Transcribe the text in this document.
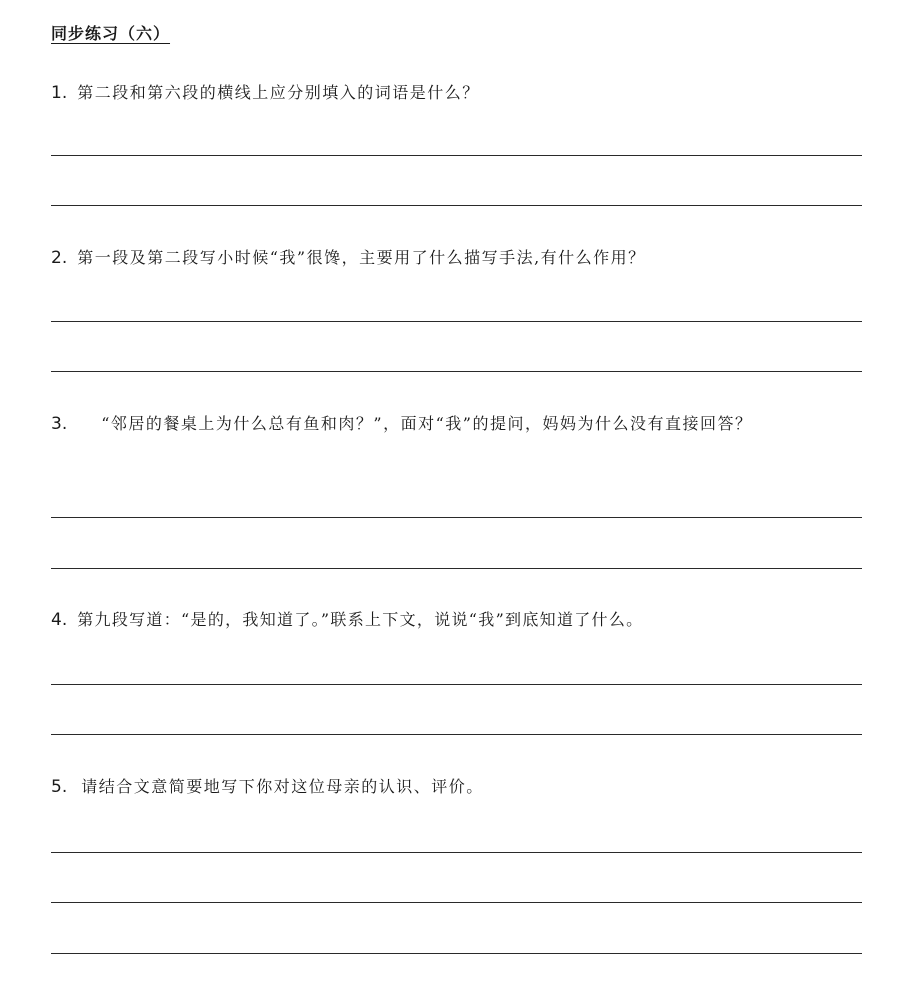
同步练习（六）
1. 第二段和第六段的横线上应分别填入的词语是什么？
2. 第一段及第二段写小时候“我”很馋，主要用了什么描写手法,有什么作用？
3. “邻居的餐桌上为什么总有鱼和肉？”，面对“我”的提问，妈妈为什么没有直接回答？
4. 第九段写道：“是的，我知道了。”联系上下文，说说“我”到底知道了什么。
5. 请结合文意简要地写下你对这位母亲的认识、评价。
